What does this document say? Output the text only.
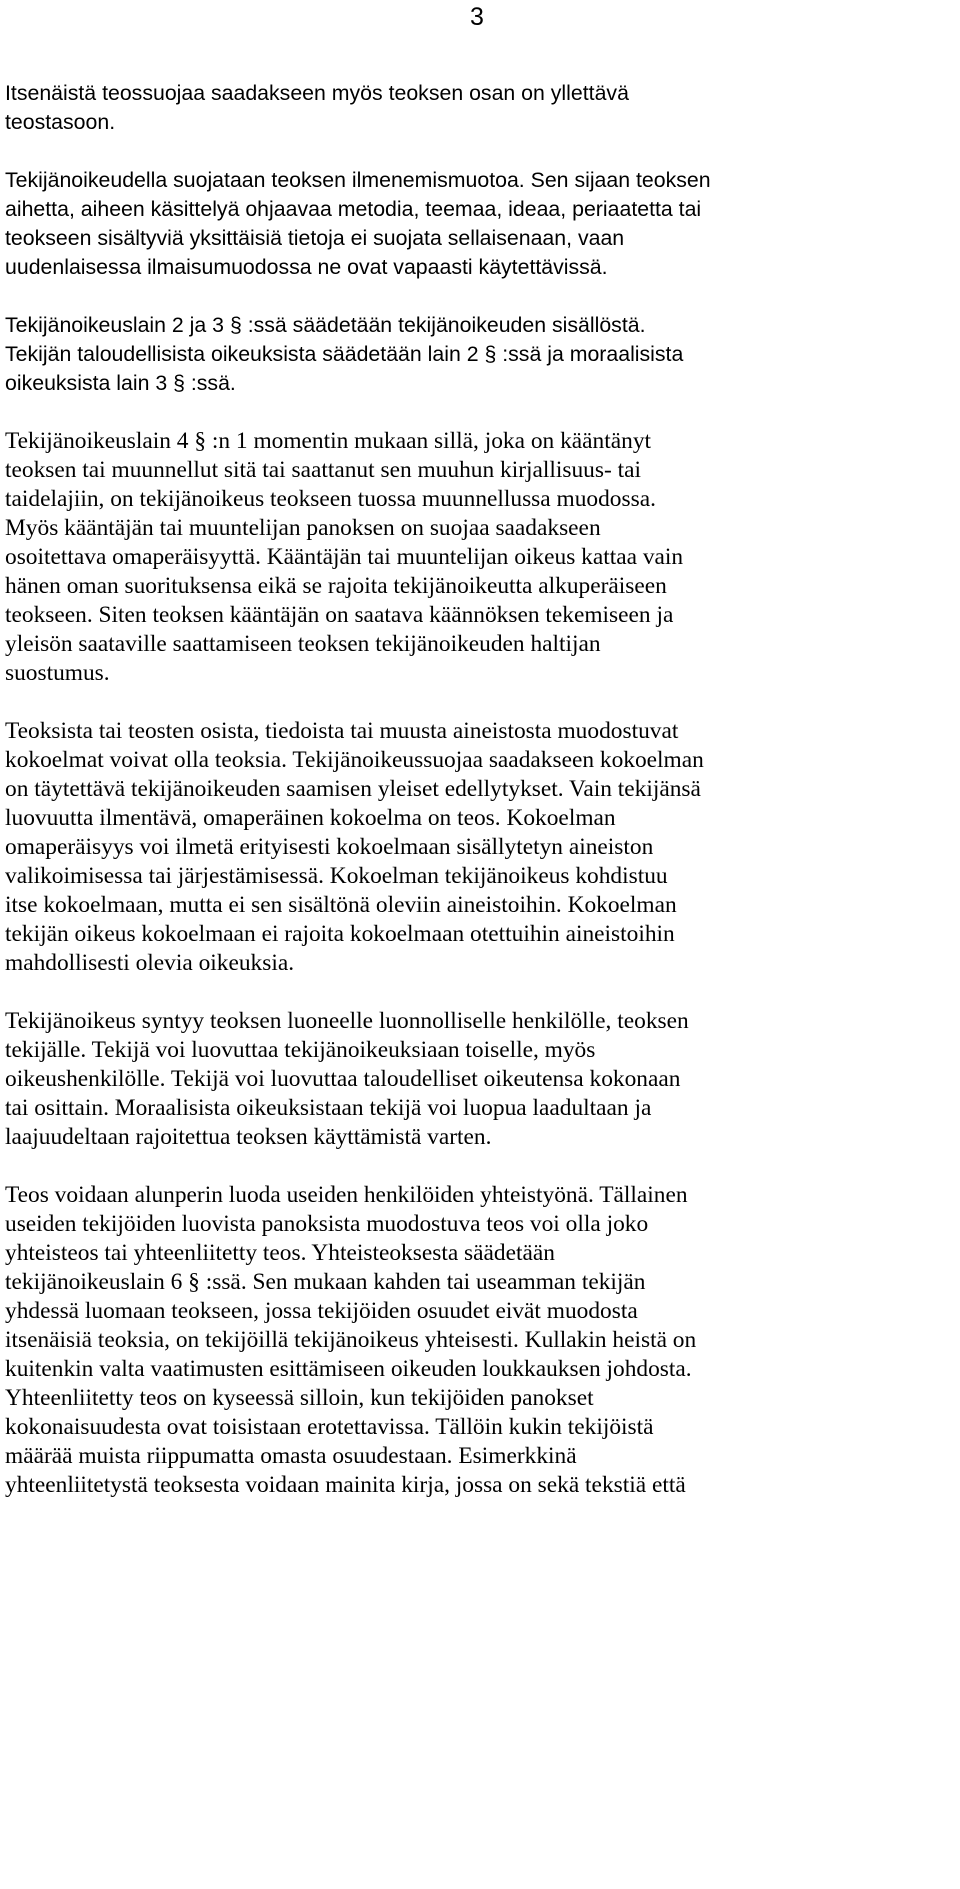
3
Itsenäistä teossuojaa saadakseen myös teoksen osan on yllettävä
teostasoon.
Tekijänoikeudella suojataan teoksen ilmenemismuotoa. Sen sijaan teoksen
aihetta, aiheen käsittelyä ohjaavaa metodia, teemaa, ideaa, periaatetta tai
teokseen sisältyviä yksittäisiä tietoja ei suojata sellaisenaan, vaan
uudenlaisessa ilmaisumuodossa ne ovat vapaasti käytettävissä.
Tekijänoikeuslain 2 ja 3 § :ssä säädetään tekijänoikeuden sisällöstä.
Tekijän taloudellisista oikeuksista säädetään lain 2 § :ssä ja moraalisista
oikeuksista lain 3 § :ssä.
Tekijänoikeuslain 4 § :n 1 momentin mukaan sillä, joka on kääntänyt
teoksen tai muunnellut sitä tai saattanut sen muuhun kirjallisuus- tai
taidelajiin, on tekijänoikeus teokseen tuossa muunnellussa muodossa.
Myös kääntäjän tai muuntelijan panoksen on suojaa saadakseen
osoitettava omaperäisyyttä. Kääntäjän tai muuntelijan oikeus kattaa vain
hänen oman suorituksensa eikä se rajoita tekijänoikeutta alkuperäiseen
teokseen. Siten teoksen kääntäjän on saatava käännöksen tekemiseen ja
yleisön saataville saattamiseen teoksen tekijänoikeuden haltijan
suostumus.
Teoksista tai teosten osista, tiedoista tai muusta aineistosta muodostuvat
kokoelmat voivat olla teoksia. Tekijänoikeussuojaa saadakseen kokoelman
on täytettävä tekijänoikeuden saamisen yleiset edellytykset. Vain tekijänsä
luovuutta ilmentävä, omaperäinen kokoelma on teos. Kokoelman
omaperäisyys voi ilmetä erityisesti kokoelmaan sisällytetyn aineiston
valikoimisessa tai järjestämisessä. Kokoelman tekijänoikeus kohdistuu
itse kokoelmaan, mutta ei sen sisältönä oleviin aineistoihin. Kokoelman
tekijän oikeus kokoelmaan ei rajoita kokoelmaan otettuihin aineistoihin
mahdollisesti olevia oikeuksia.
Tekijänoikeus syntyy teoksen luoneelle luonnolliselle henkilölle, teoksen
tekijälle. Tekijä voi luovuttaa tekijänoikeuksiaan toiselle, myös
oikeushenkilölle. Tekijä voi luovuttaa taloudelliset oikeutensa kokonaan
tai osittain. Moraalisista oikeuksistaan tekijä voi luopua laadultaan ja
laajuudeltaan rajoitettua teoksen käyttämistä varten.
Teos voidaan alunperin luoda useiden henkilöiden yhteistyönä. Tällainen
useiden tekijöiden luovista panoksista muodostuva teos voi olla joko
yhteisteos tai yhteenliitetty teos. Yhteisteoksesta säädetään
tekijänoikeuslain 6 § :ssä. Sen mukaan kahden tai useamman tekijän
yhdessä luomaan teokseen, jossa tekijöiden osuudet eivät muodosta
itsenäisiä teoksia, on tekijöillä tekijänoikeus yhteisesti. Kullakin heistä on
kuitenkin valta vaatimusten esittämiseen oikeuden loukkauksen johdosta.
Yhteenliitetty teos on kyseessä silloin, kun tekijöiden panokset
kokonaisuudesta ovat toisistaan erotettavissa. Tällöin kukin tekijöistä
määrää muista riippumatta omasta osuudestaan. Esimerkkinä
yhteenliitetystä teoksesta voidaan mainita kirja, jossa on sekä tekstiä että
